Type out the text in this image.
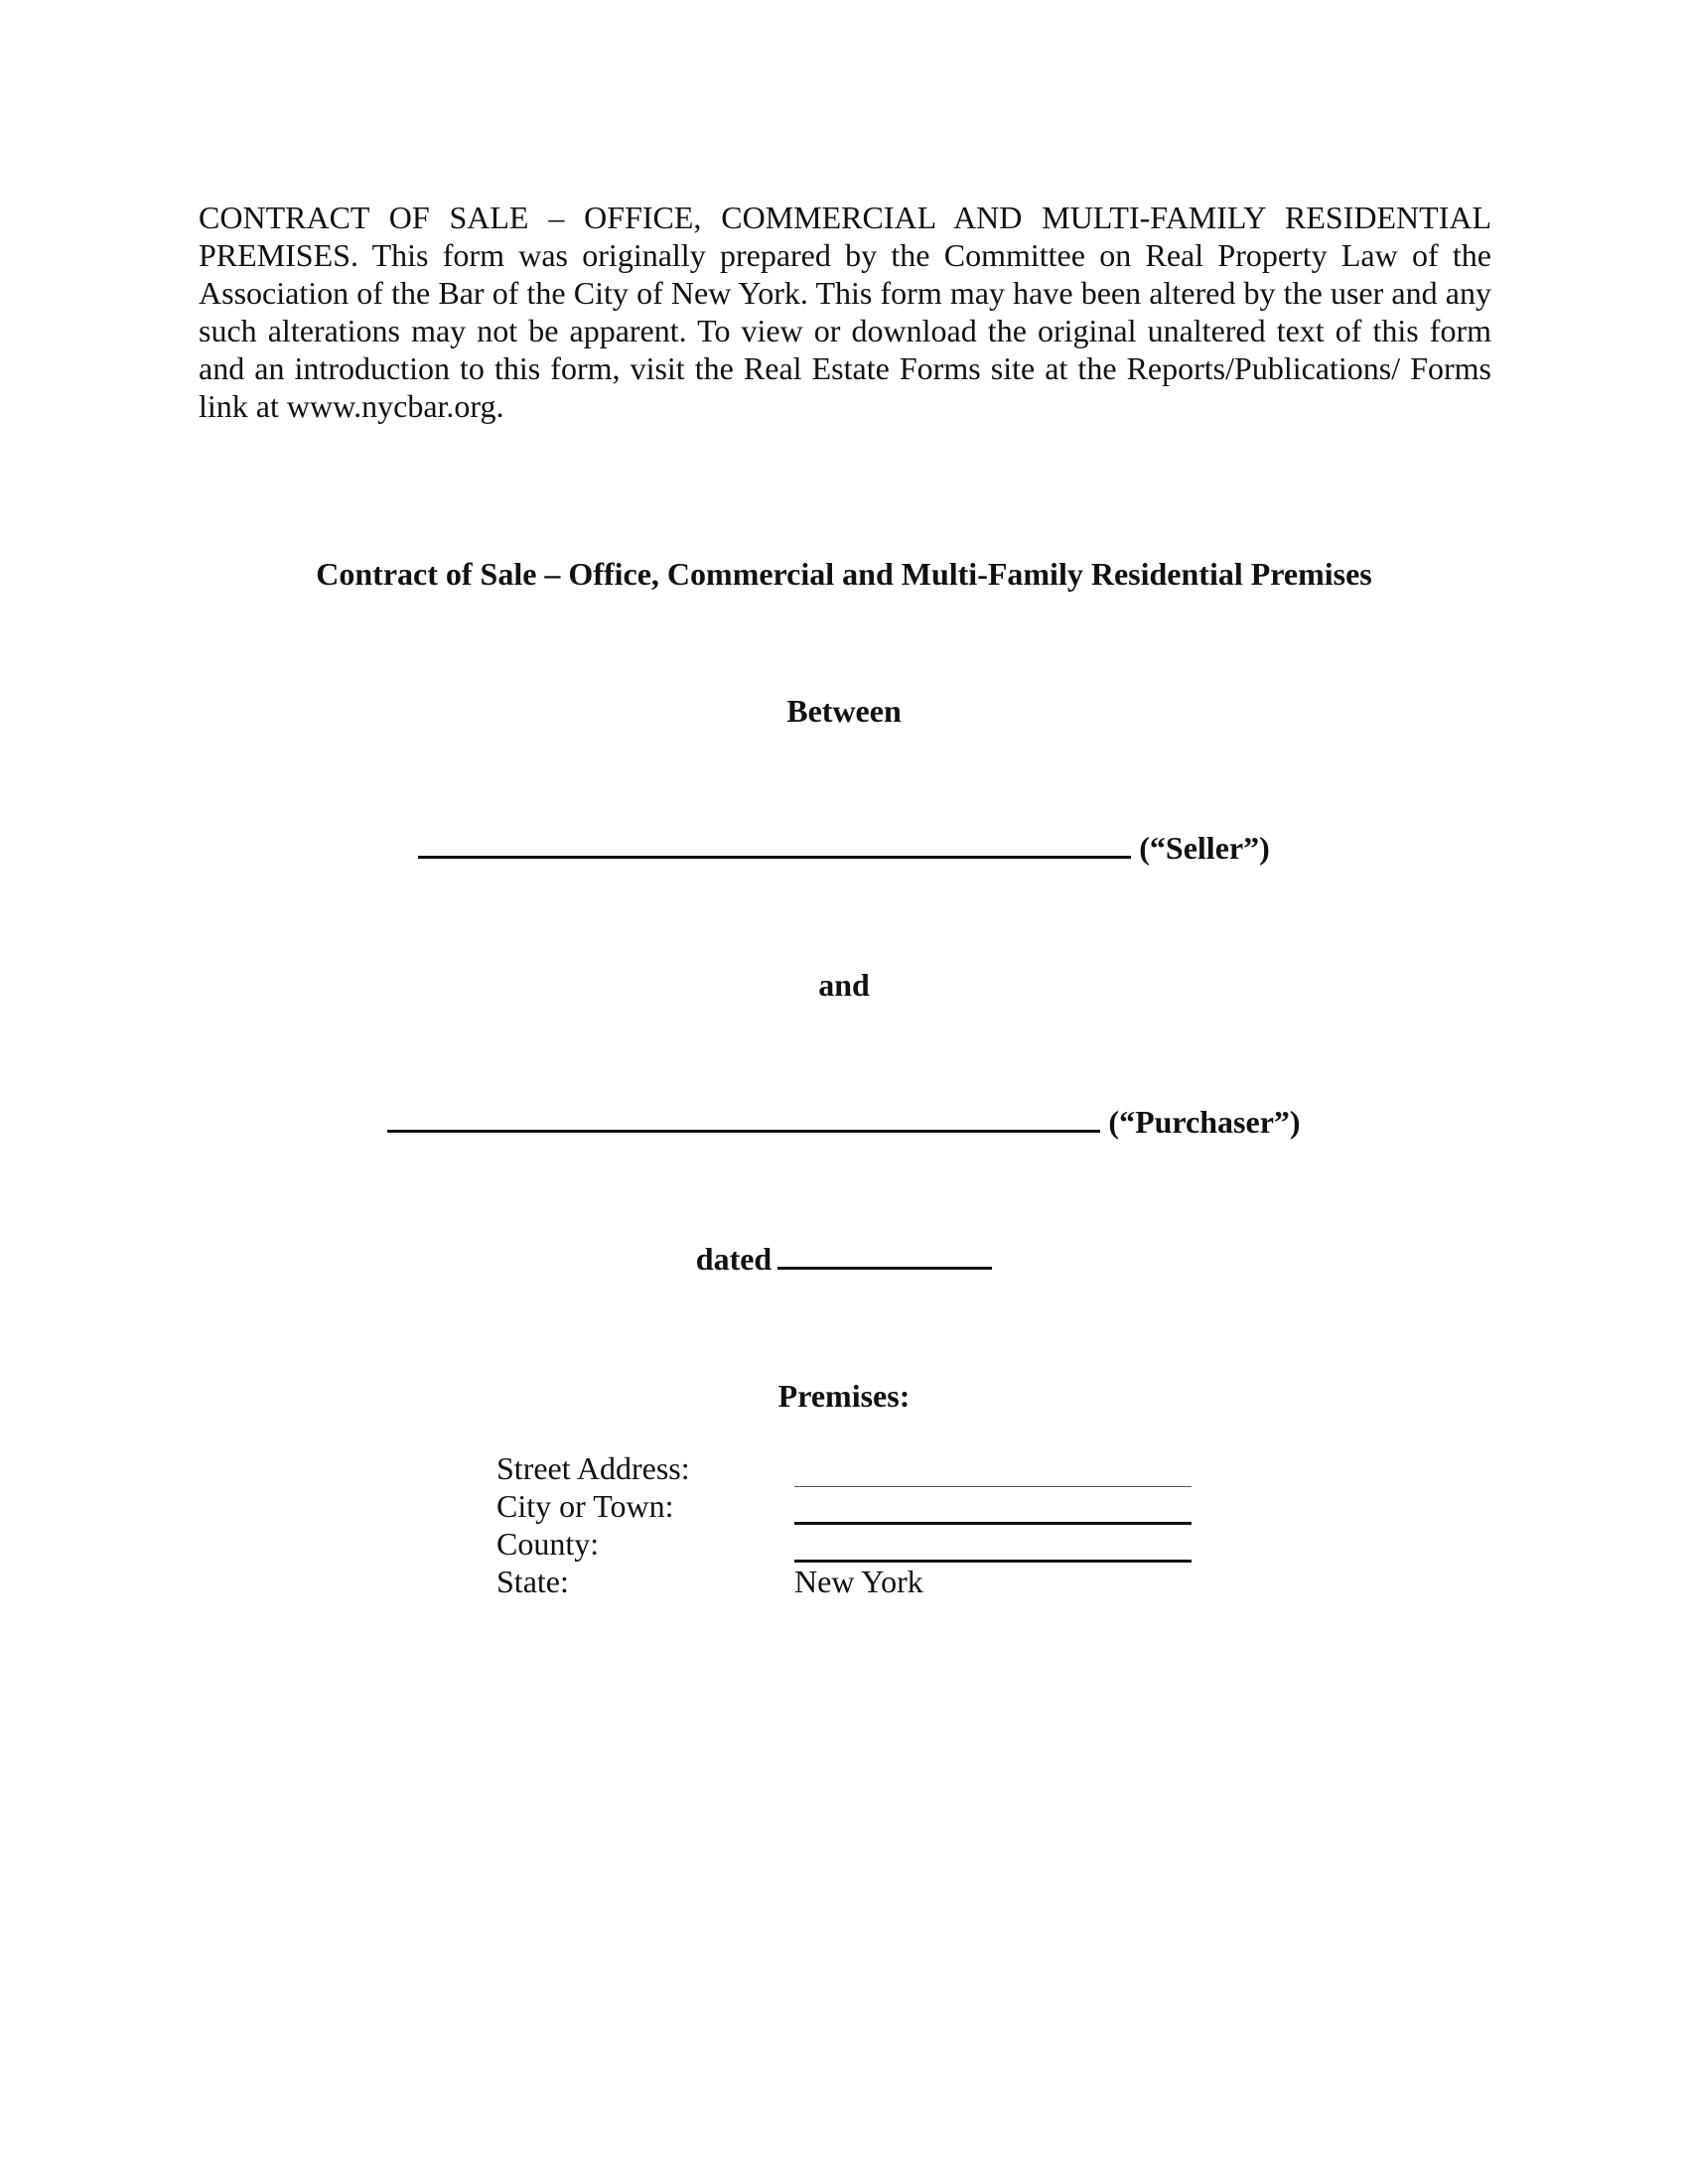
CONTRACT OF SALE – OFFICE, COMMERCIAL AND MULTI-FAMILY RESIDENTIAL PREMISES. This form was originally prepared by the Committee on Real Property Law of the Association of the Bar of the City of New York. This form may have been altered by the user and any such alterations may not be apparent. To view or download the original unaltered text of this form and an introduction to this form, visit the Real Estate Forms site at the Reports/Publications/ Forms link at www.nycbar.org.
Contract of Sale – Office, Commercial and Multi-Family Residential Premises
Between
(“Seller”)
and
(“Purchaser”)
dated
Premises:
Street Address:
City or Town:
County:
State:	New York
